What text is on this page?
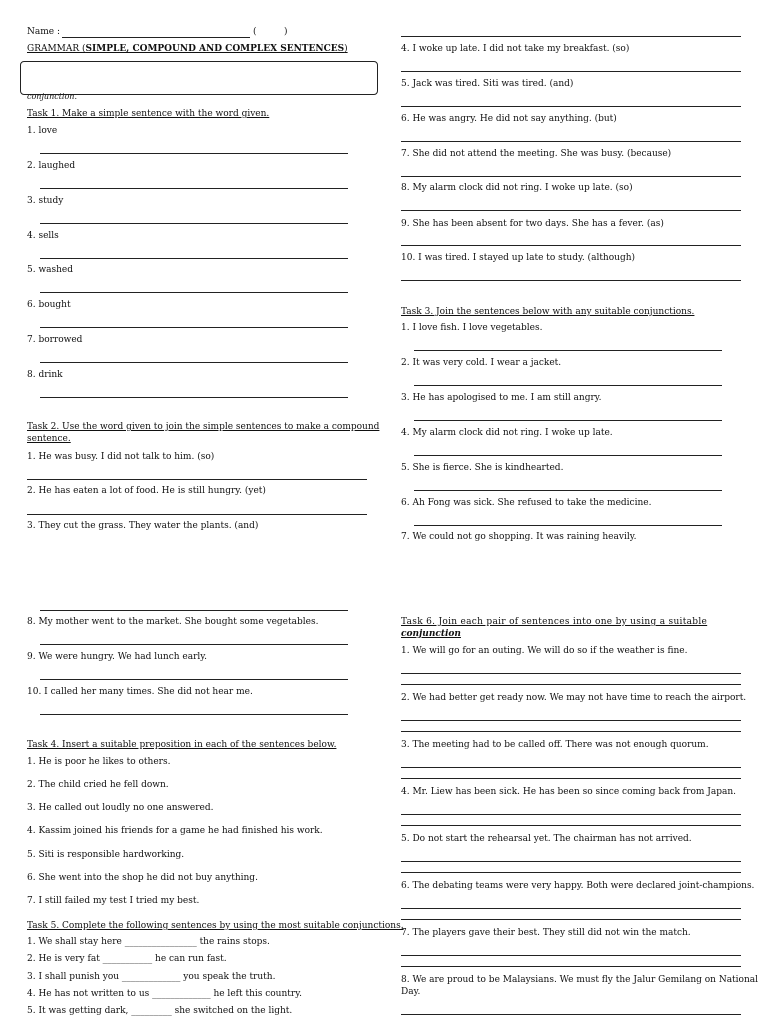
Name :	(	)
GRAMMAR (SIMPLE, COMPOUND AND COMPLEX SENTENCES)
conjunction.
Task 1. Make a simple sentence with the word given.
1. love
2. laughed
3. study
4. sells
5. washed
6. bought
7. borrowed
8. drink
Task 2. Use the word given to join the simple sentences to make a compound
sentence.
1. He was busy. I did not talk to him. (so)
2. He has eaten a lot of food. He is still hungry. (yet)
3. They cut the grass. They water the plants. (and)
4. I woke up late. I did not take my breakfast. (so)
5. Jack was tired. Siti was tired. (and)
6. He was angry. He did not say anything. (but)
7. She did not attend the meeting. She was busy. (because)
8. My alarm clock did not ring. I woke up late. (so)
9. She has been absent for two days. She has a fever. (as)
10. I was tired. I stayed up late to study. (although)
Task 3. Join the sentences below with any suitable conjunctions.
1. I love fish. I love vegetables.
2. It was very cold. I wear a jacket.
3. He has apologised to me. I am still angry.
4. My alarm clock did not ring. I woke up late.
5. She is fierce. She is kindhearted.
6. Ah Fong was sick. She refused to take the medicine.
7. We could not go shopping. It was raining heavily.
8. My mother went to the market. She bought some vegetables.
9. We were hungry. We had lunch early.
10. I called her many times. She did not hear me.
Task 4. Insert a suitable preposition in each of the sentences below.
1. He is poor he likes to others.
2. The child cried he fell down.
3. He called out loudly no one answered.
4. Kassim joined his friends for a game he had finished his work.
5. Siti is responsible hardworking.
6. She went into the shop he did not buy anything.
7. I still failed my test I tried my best.
Task 5. Complete the following sentences by using the most suitable conjunctions.
1. We shall stay here ________________ the rains stops.
2. He is very fat ___________ he can run fast.
3. I shall punish you _____________ you speak the truth.
4. He has not written to us _____________ he left this country.
5. It was getting dark, _________ she switched on the light.
Task 6. Join each pair of sentences into one by using a suitable
conjunction
1. We will go for an outing. We will do so if the weather is fine.
2. We had better get ready now. We may not have time to reach the airport.
3. The meeting had to be called off. There was not enough quorum.
4. Mr. Liew has been sick. He has been so since coming back from Japan.
5. Do not start the rehearsal yet. The chairman has not arrived.
6. The debating teams were very happy. Both were declared joint-champions.
7. The players gave their best. They still did not win the match.
8. We are proud to be Malaysians. We must fly the Jalur Gemilang on National
Day.
